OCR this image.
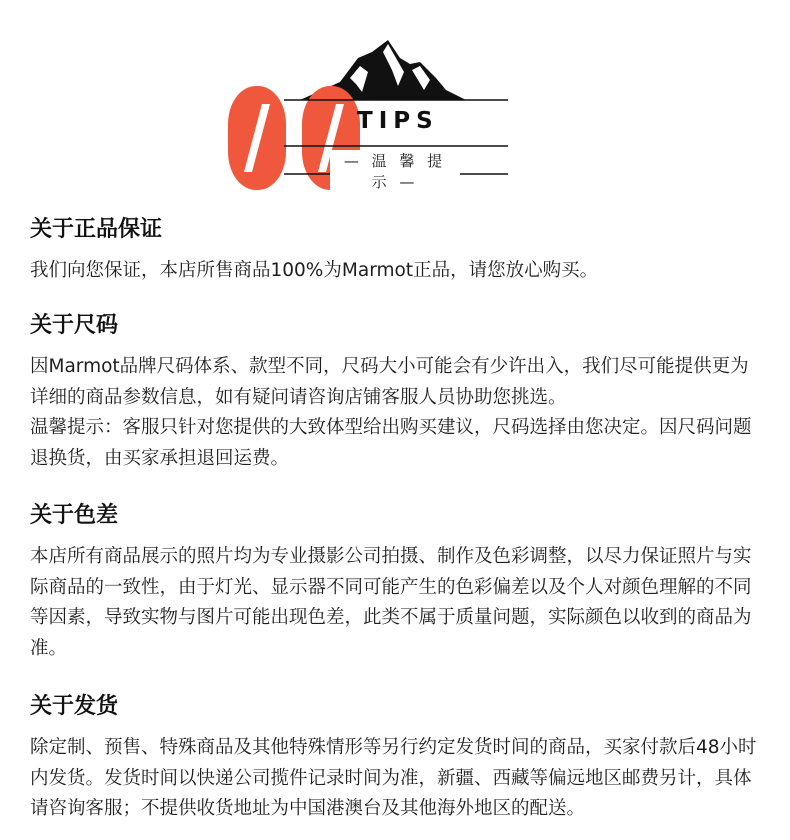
TIPS
— 温 馨 提 示 —
关于正品保证

我们向您保证，本店所售商品100%为Marmot正品，请您放心购买。

关于尺码

因Marmot品牌尺码体系、款型不同，尺码大小可能会有少许出入，我们尽可能提供更为详细的商品参数信息，如有疑问请咨询店铺客服人员协助您挑选。

温馨提示：客服只针对您提供的大致体型给出购买建议，尺码选择由您决定。因尺码问题退换货，由买家承担退回运费。

关于色差

本店所有商品展示的照片均为专业摄影公司拍摄、制作及色彩调整，以尽力保证照片与实际商品的一致性，由于灯光、显示器不同可能产生的色彩偏差以及个人对颜色理解的不同等因素，导致实物与图片可能出现色差，此类不属于质量问题，实际颜色以收到的商品为准。

关于发货

除定制、预售、特殊商品及其他特殊情形等另行约定发货时间的商品，买家付款后48小时内发货。发货时间以快递公司揽件记录时间为准，新疆、西藏等偏远地区邮费另计，具体请咨询客服；不提供收货地址为中国港澳台及其他海外地区的配送。
